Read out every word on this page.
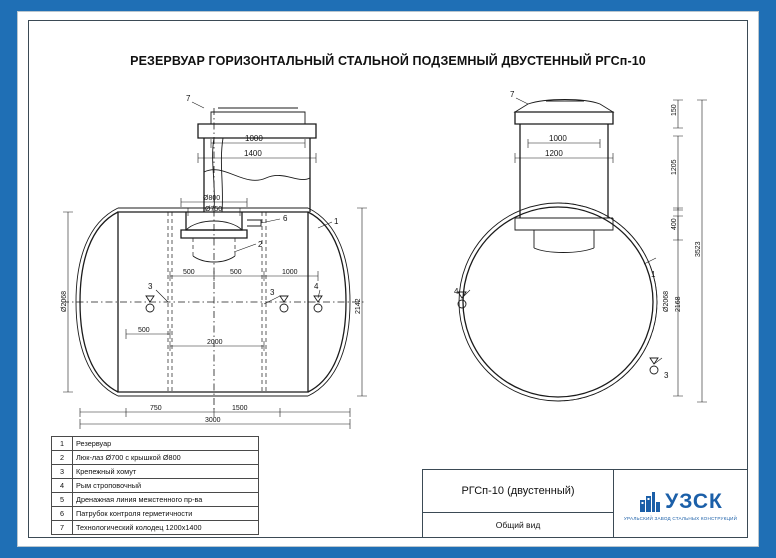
РЕЗЕРВУАР ГОРИЗОНТАЛЬНЫЙ СТАЛЬНОЙ ПОДЗЕМНЫЙ ДВУСТЕННЫЙ РГСп-10
1000
1400
Ø800
Ø750
500	500	1000
500
2000
750	1500
3000
Ø2068	2142
7
6
2
1
3
3
4
1000
1200
150
1205
400
3523
Ø2068 2168
7
1
4
3
1	Резервуар
2	Люк-лаз Ø700 с крышкой Ø800
3	Крепежный хомут
4	Рым строповочный
5	Дренажная линия межстенного пр-ва
6	Патрубок контроля герметичности
7	Технологический колодец 1200х1400
РГСп-10 (двустенный)
Общий вид
УЗСК
УРАЛЬСКИЙ ЗАВОД СТАЛЬНЫХ КОНСТРУКЦИЙ
